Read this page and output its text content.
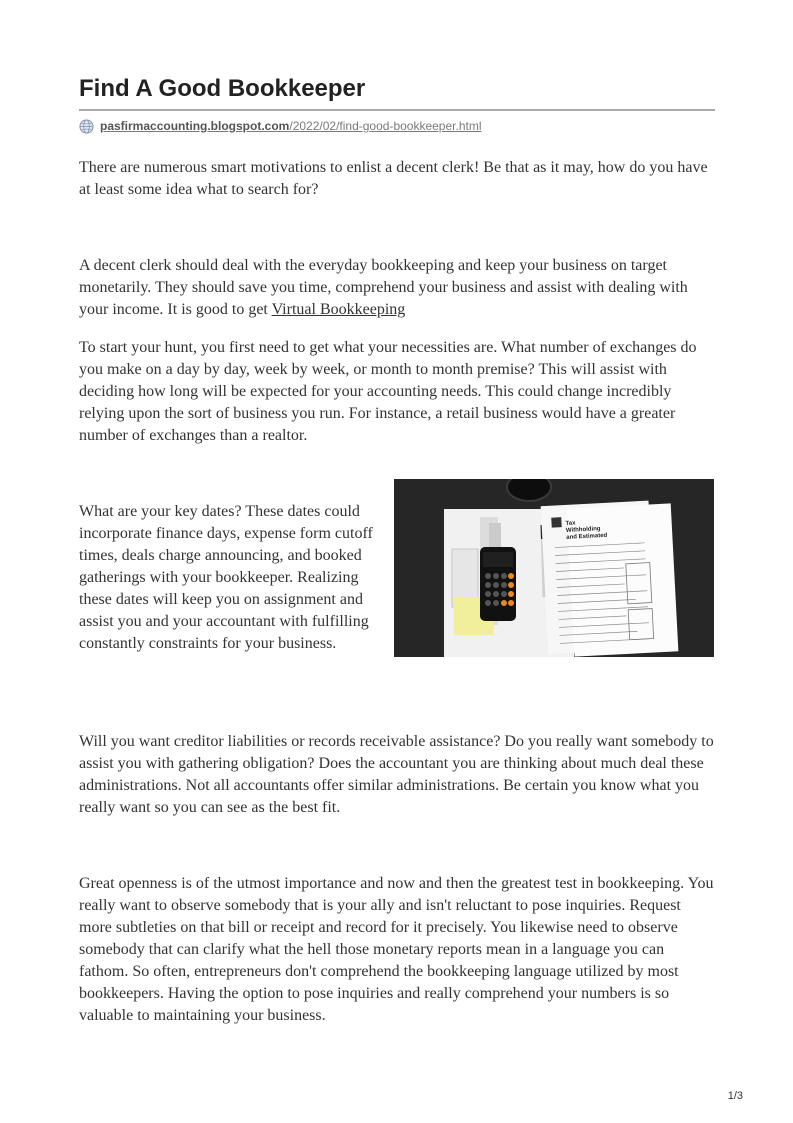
Find A Good Bookkeeper
pasfirmaccounting.blogspot.com/2022/02/find-good-bookkeeper.html

There are numerous smart motivations to enlist a decent clerk! Be that as it may, how do you have at least some idea what to search for?

A decent clerk should deal with the everyday bookkeeping and keep your business on target monetarily. They should save you time, comprehend your business and assist with dealing with your income. It is good to get Virtual Bookkeeping

To start your hunt, you first need to get what your necessities are. What number of exchanges do you make on a day by day, week by week, or month to month premise? This will assist with deciding how long will be expected for your accounting needs. This could change incredibly relying upon the sort of business you run. For instance, a retail business would have a greater number of exchanges than a realtor.

What are your key dates? These dates could incorporate finance days, expense form cutoff times, deals charge announcing, and booked gatherings with your bookkeeper. Realizing these dates will keep you on assignment and assist you and your accountant with fulfilling constantly constraints for your business.

Tax
Withholding
and Estimated

Will you want creditor liabilities or records receivable assistance? Do you really want somebody to assist you with gathering obligation? Does the accountant you are thinking about much deal these administrations. Not all accountants offer similar administrations. Be certain you know what you really want so you can see as the best fit.

Great openness is of the utmost importance and now and then the greatest test in bookkeeping. You really want to observe somebody that is your ally and isn't reluctant to pose inquiries. Request more subtleties on that bill or receipt and record for it precisely. You likewise need to observe somebody that can clarify what the hell those monetary reports mean in a language you can fathom. So often, entrepreneurs don't comprehend the bookkeeping language utilized by most bookkeepers. Having the option to pose inquiries and really comprehend your numbers is so valuable to maintaining your business.

1/3
